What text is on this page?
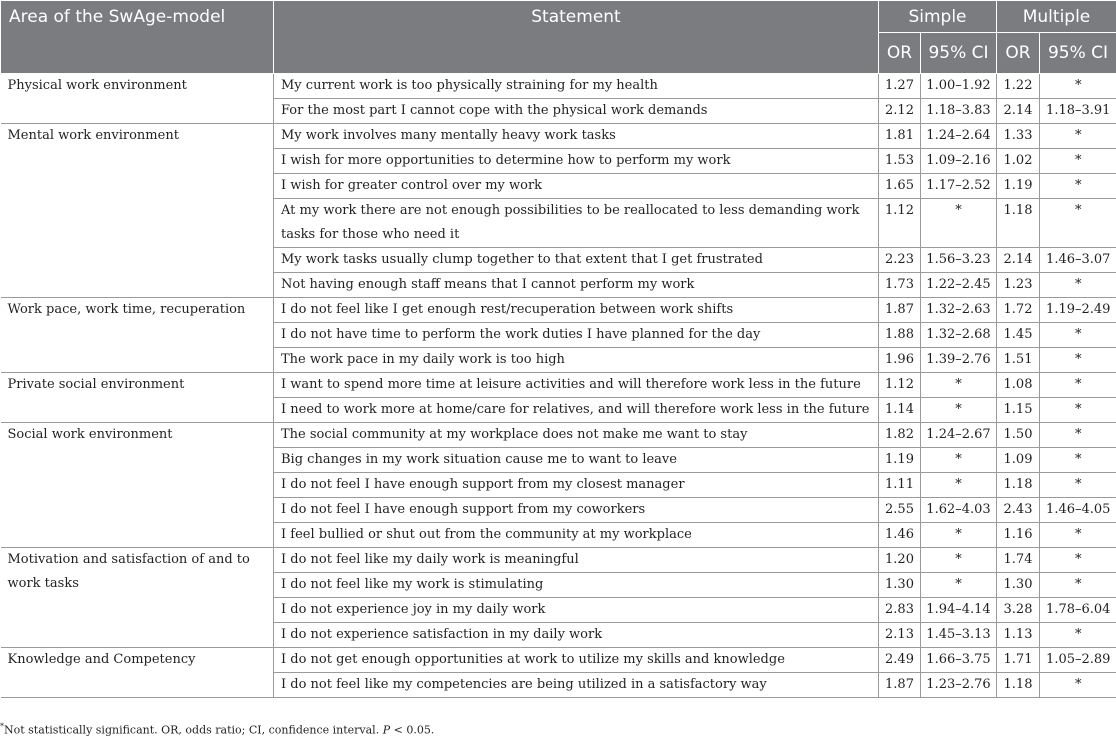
Area of the SwAge-model	Statement	Simple		Multiple	
		OR	95% CI	OR	95% CI
Physical work environment	My current work is too physically straining for my health	1.27	1.00–1.92	1.22	*
	For the most part I cannot cope with the physical work demands	2.12	1.18–3.83	2.14	1.18–3.91
Mental work environment	My work involves many mentally heavy work tasks	1.81	1.24–2.64	1.33	*
	I wish for more opportunities to determine how to perform my work	1.53	1.09–2.16	1.02	*
	I wish for greater control over my work	1.65	1.17–2.52	1.19	*
	At my work there are not enough possibilities to be reallocated to less demanding work tasks for those who need it	1.12	*	1.18	*
	My work tasks usually clump together to that extent that I get frustrated	2.23	1.56–3.23	2.14	1.46–3.07
	Not having enough staff means that I cannot perform my work	1.73	1.22–2.45	1.23	*
Work pace, work time, recuperation	I do not feel like I get enough rest/recuperation between work shifts	1.87	1.32–2.63	1.72	1.19–2.49
	I do not have time to perform the work duties I have planned for the day	1.88	1.32–2.68	1.45	*
	The work pace in my daily work is too high	1.96	1.39–2.76	1.51	*
Private social environment	I want to spend more time at leisure activities and will therefore work less in the future	1.12	*	1.08	*
	I need to work more at home/care for relatives, and will therefore work less in the future	1.14	*	1.15	*
Social work environment	The social community at my workplace does not make me want to stay	1.82	1.24–2.67	1.50	*
	Big changes in my work situation cause me to want to leave	1.19	*	1.09	*
	I do not feel I have enough support from my closest manager	1.11	*	1.18	*
	I do not feel I have enough support from my coworkers	2.55	1.62–4.03	2.43	1.46–4.05
	I feel bullied or shut out from the community at my workplace	1.46	*	1.16	*
Motivation and satisfaction of and to work tasks	I do not feel like my daily work is meaningful	1.20	*	1.74	*
	I do not feel like my work is stimulating	1.30	*	1.30	*
	I do not experience joy in my daily work	2.83	1.94–4.14	3.28	1.78–6.04
	I do not experience satisfaction in my daily work	2.13	1.45–3.13	1.13	*
Knowledge and Competency	I do not get enough opportunities at work to utilize my skills and knowledge	2.49	1.66–3.75	1.71	1.05–2.89
	I do not feel like my competencies are being utilized in a satisfactory way	1.87	1.23–2.76	1.18	*
*Not statistically significant. OR, odds ratio; CI, confidence interval. P < 0.05.
